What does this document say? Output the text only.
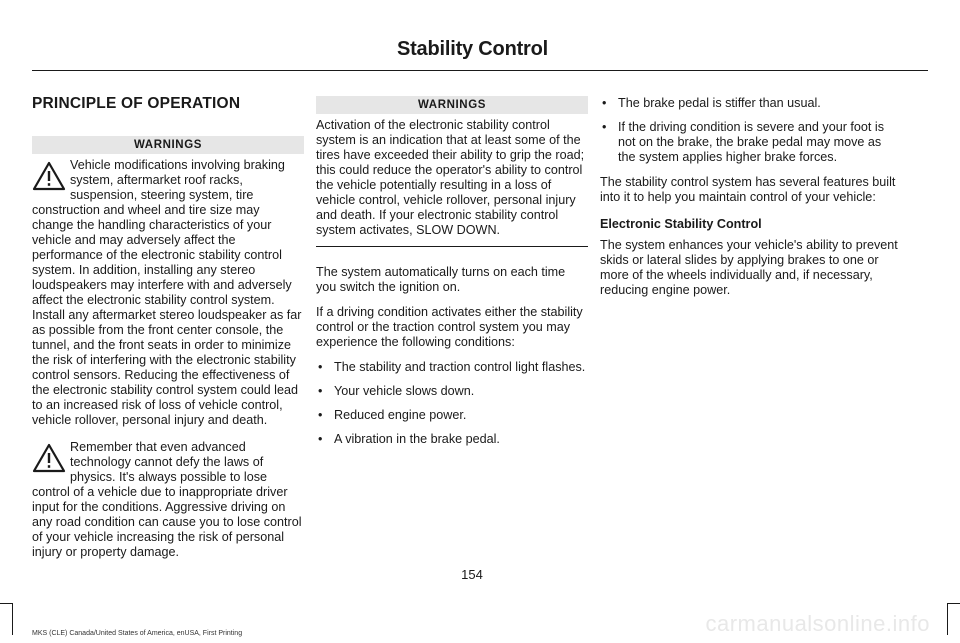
Stability Control
PRINCIPLE OF OPERATION
WARNINGS

Vehicle modifications involving braking system, aftermarket roof racks, suspension, steering system, tire construction and wheel and tire size may change the handling characteristics of your vehicle and may adversely affect the performance of the electronic stability control system. In addition, installing any stereo loudspeakers may interfere with and adversely affect the electronic stability control system. Install any aftermarket stereo loudspeaker as far as possible from the front center console, the tunnel, and the front seats in order to minimize the risk of interfering with the electronic stability control sensors. Reducing the effectiveness of the electronic stability control system could lead to an increased risk of loss of vehicle control, vehicle rollover, personal injury and death.

Remember that even advanced technology cannot defy the laws of physics. It's always possible to lose control of a vehicle due to inappropriate driver input for the conditions. Aggressive driving on any road condition can cause you to lose control of your vehicle increasing the risk of personal injury or property damage.

WARNINGS

Activation of the electronic stability control system is an indication that at least some of the tires have exceeded their ability to grip the road; this could reduce the operator's ability to control the vehicle potentially resulting in a loss of vehicle control, vehicle rollover, personal injury and death. If your electronic stability control system activates, SLOW DOWN.

The system automatically turns on each time you switch the ignition on.

If a driving condition activates either the stability control or the traction control system you may experience the following conditions:

• The stability and traction control light flashes.
• Your vehicle slows down.
• Reduced engine power.
• A vibration in the brake pedal.
• The brake pedal is stiffer than usual.
• If the driving condition is severe and your foot is not on the brake, the brake pedal may move as the system applies higher brake forces.

The stability control system has several features built into it to help you maintain control of your vehicle:

Electronic Stability Control

The system enhances your vehicle's ability to prevent skids or lateral slides by applying brakes to one or more of the wheels individually and, if necessary, reducing engine power.

154
MKS (CLE) Canada/United States of America, enUSA, First Printing	carmanualsonline.info
